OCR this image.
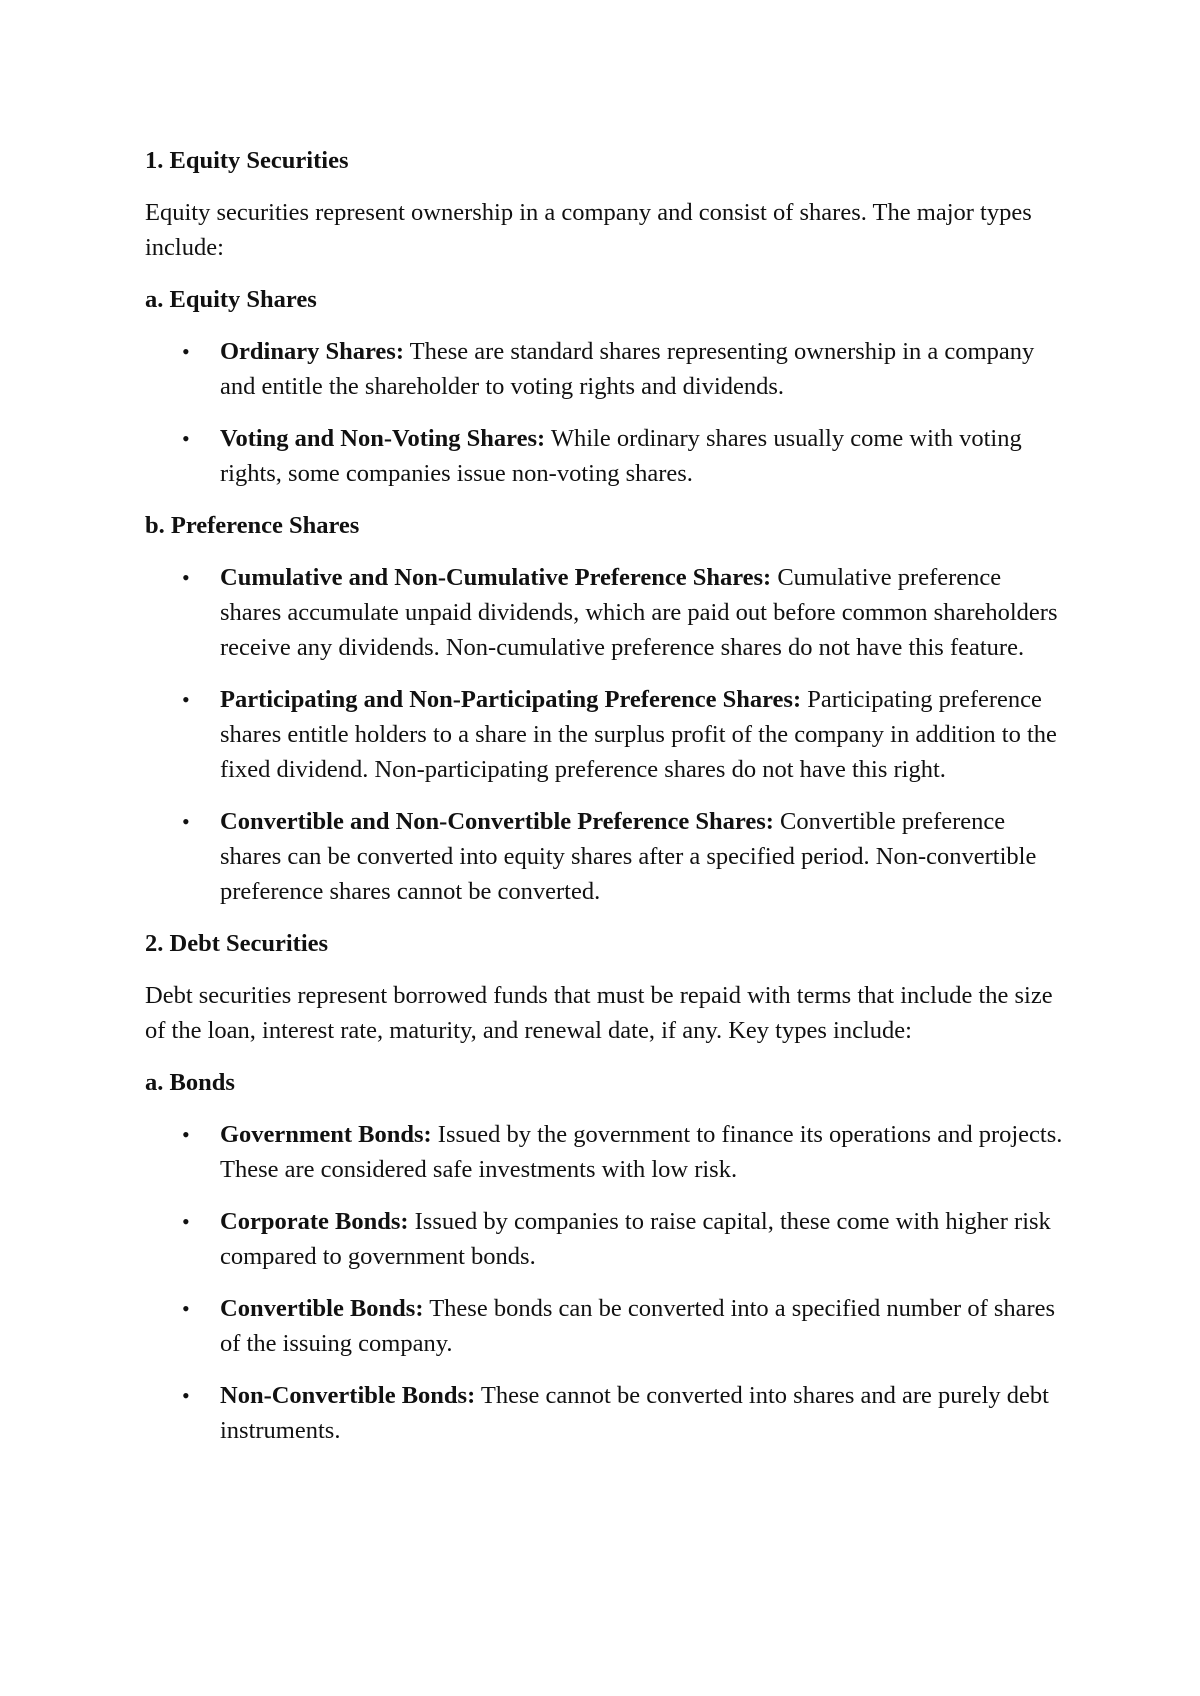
1. Equity Securities
Equity securities represent ownership in a company and consist of shares. The major types include:
a. Equity Shares
• Ordinary Shares: These are standard shares representing ownership in a company and entitle the shareholder to voting rights and dividends.
• Voting and Non-Voting Shares: While ordinary shares usually come with voting rights, some companies issue non-voting shares.
b. Preference Shares
• Cumulative and Non-Cumulative Preference Shares: Cumulative preference shares accumulate unpaid dividends, which are paid out before common shareholders receive any dividends. Non-cumulative preference shares do not have this feature.
• Participating and Non-Participating Preference Shares: Participating preference shares entitle holders to a share in the surplus profit of the company in addition to the fixed dividend. Non-participating preference shares do not have this right.
• Convertible and Non-Convertible Preference Shares: Convertible preference shares can be converted into equity shares after a specified period. Non-convertible preference shares cannot be converted.
2. Debt Securities
Debt securities represent borrowed funds that must be repaid with terms that include the size of the loan, interest rate, maturity, and renewal date, if any. Key types include:
a. Bonds
• Government Bonds: Issued by the government to finance its operations and projects. These are considered safe investments with low risk.
• Corporate Bonds: Issued by companies to raise capital, these come with higher risk compared to government bonds.
• Convertible Bonds: These bonds can be converted into a specified number of shares of the issuing company.
• Non-Convertible Bonds: These cannot be converted into shares and are purely debt instruments.
